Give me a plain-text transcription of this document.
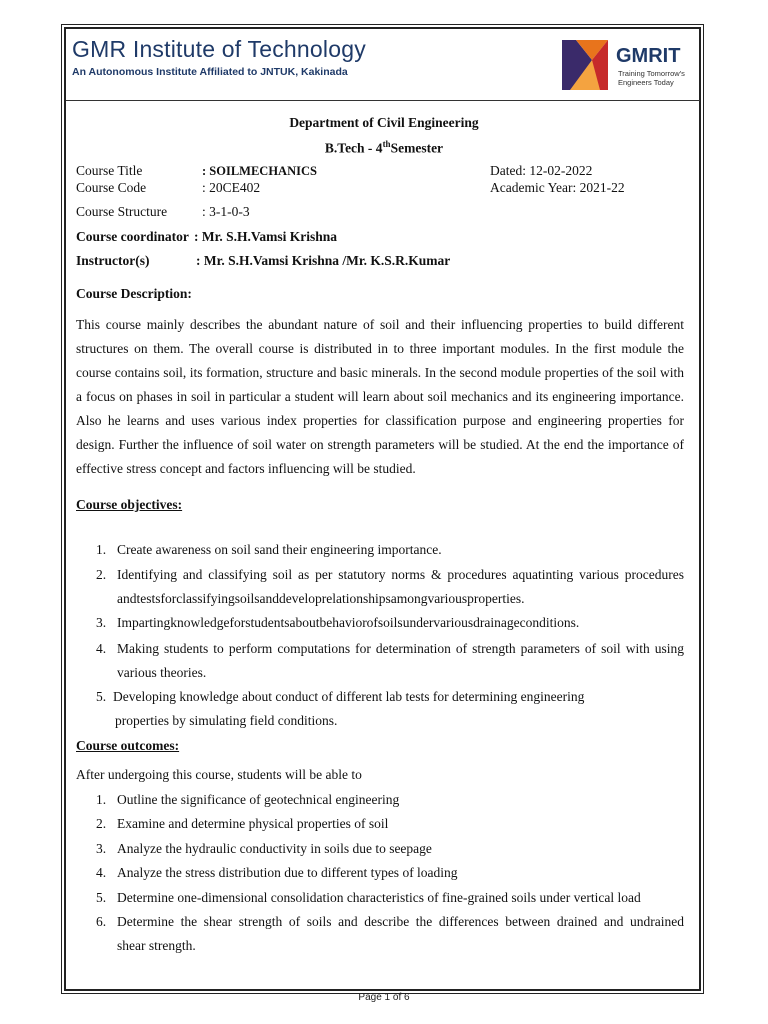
GMR Institute of Technology
An Autonomous Institute Affiliated to JNTUK, Kakinada
GMRIT
Training Tomorrow's
Engineers Today
Department of Civil Engineering
B.Tech - 4thSemester
Course Title	: SOILMECHANICS	Dated: 12-02-2022
Course Code	: 20CE402	Academic Year: 2021-22
Course Structure	: 3-1-0-3
Course coordinator : Mr. S.H.Vamsi Krishna
Instructor(s)	: Mr. S.H.Vamsi Krishna /Mr. K.S.R.Kumar
Course Description:
This course mainly describes the abundant nature of soil and their influencing properties to build different structures on them. The overall course is distributed in to three important modules. In the first module the course contains soil, its formation, structure and basic minerals. In the second module properties of the soil with a focus on phases in soil in particular a student will learn about soil mechanics and its engineering importance. Also he learns and uses various index properties for classification purpose and engineering properties for design. Further the influence of soil water on strength parameters will be studied. At the end the importance of effective stress concept and factors influencing will be studied.
Course objectives:
1. Create awareness on soil sand their engineering importance.
2. Identifying and classifying soil as per statutory norms & procedures aquatinting various procedures
andtestsforclassifyingsoilsanddeveloprelationshipsamongvariousproperties.
3. Impartingknowledgeforstudentsaboutbehaviorofsoilsundervariousdrainageconditions.
4. Making students to perform computations for determination of strength parameters of soil with using
various theories.
5. Developing knowledge about conduct of different lab tests for determining engineering
properties by simulating field conditions.
Course outcomes:
After undergoing this course, students will be able to
1. Outline the significance of geotechnical engineering
2. Examine and determine physical properties of soil
3. Analyze the hydraulic conductivity in soils due to seepage
4. Analyze the stress distribution due to different types of loading
5. Determine one-dimensional consolidation characteristics of fine-grained soils under vertical load
6. Determine the shear strength of soils and describe the differences between drained and undrained
shear strength.
Page 1 of 6
